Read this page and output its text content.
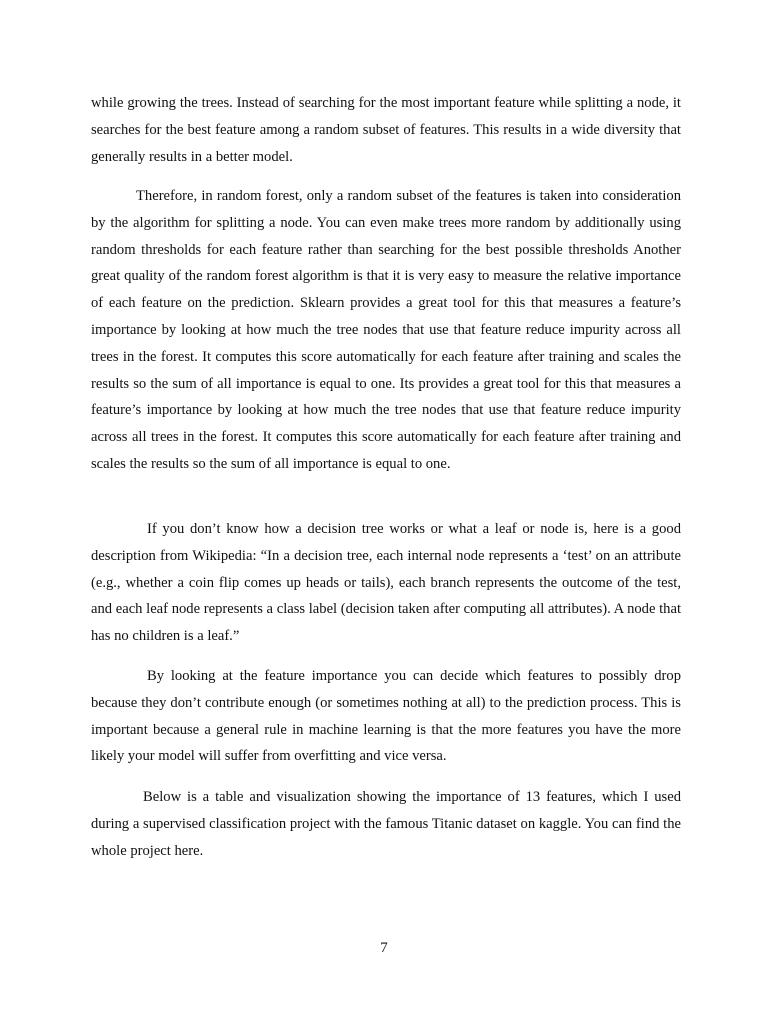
while growing the trees. Instead of searching for the most important feature while splitting a node, it searches for the best feature among a random subset of features. This results in a wide diversity that generally results in a better model.

Therefore, in random forest, only a random subset of the features is taken into consideration by the algorithm for splitting a node. You can even make trees more random by additionally using random thresholds for each feature rather than searching for the best possible thresholds Another great quality of the random forest algorithm is that it is very easy to measure the relative importance of each feature on the prediction. Sklearn provides a great tool for this that measures a feature’s importance by looking at how much the tree nodes that use that feature reduce impurity across all trees in the forest. It computes this score automatically for each feature after training and scales the results so the sum of all importance is equal to one. Its provides a great tool for this that measures a feature’s importance by looking at how much the tree nodes that use that feature reduce impurity across all trees in the forest. It computes this score automatically for each feature after training and scales the results so the sum of all importance is equal to one.

If you don’t know how a decision tree works or what a leaf or node is, here is a good description from Wikipedia: “In a decision tree, each internal node represents a ‘test’ on an attribute (e.g., whether a coin flip comes up heads or tails), each branch represents the outcome of the test, and each leaf node represents a class label (decision taken after computing all attributes). A node that has no children is a leaf.”

By looking at the feature importance you can decide which features to possibly drop because they don’t contribute enough (or sometimes nothing at all) to the prediction process. This is important because a general rule in machine learning is that the more features you have the more likely your model will suffer from overfitting and vice versa.

Below is a table and visualization showing the importance of 13 features, which I used during a supervised classification project with the famous Titanic dataset on kaggle. You can find the whole project here.

7
